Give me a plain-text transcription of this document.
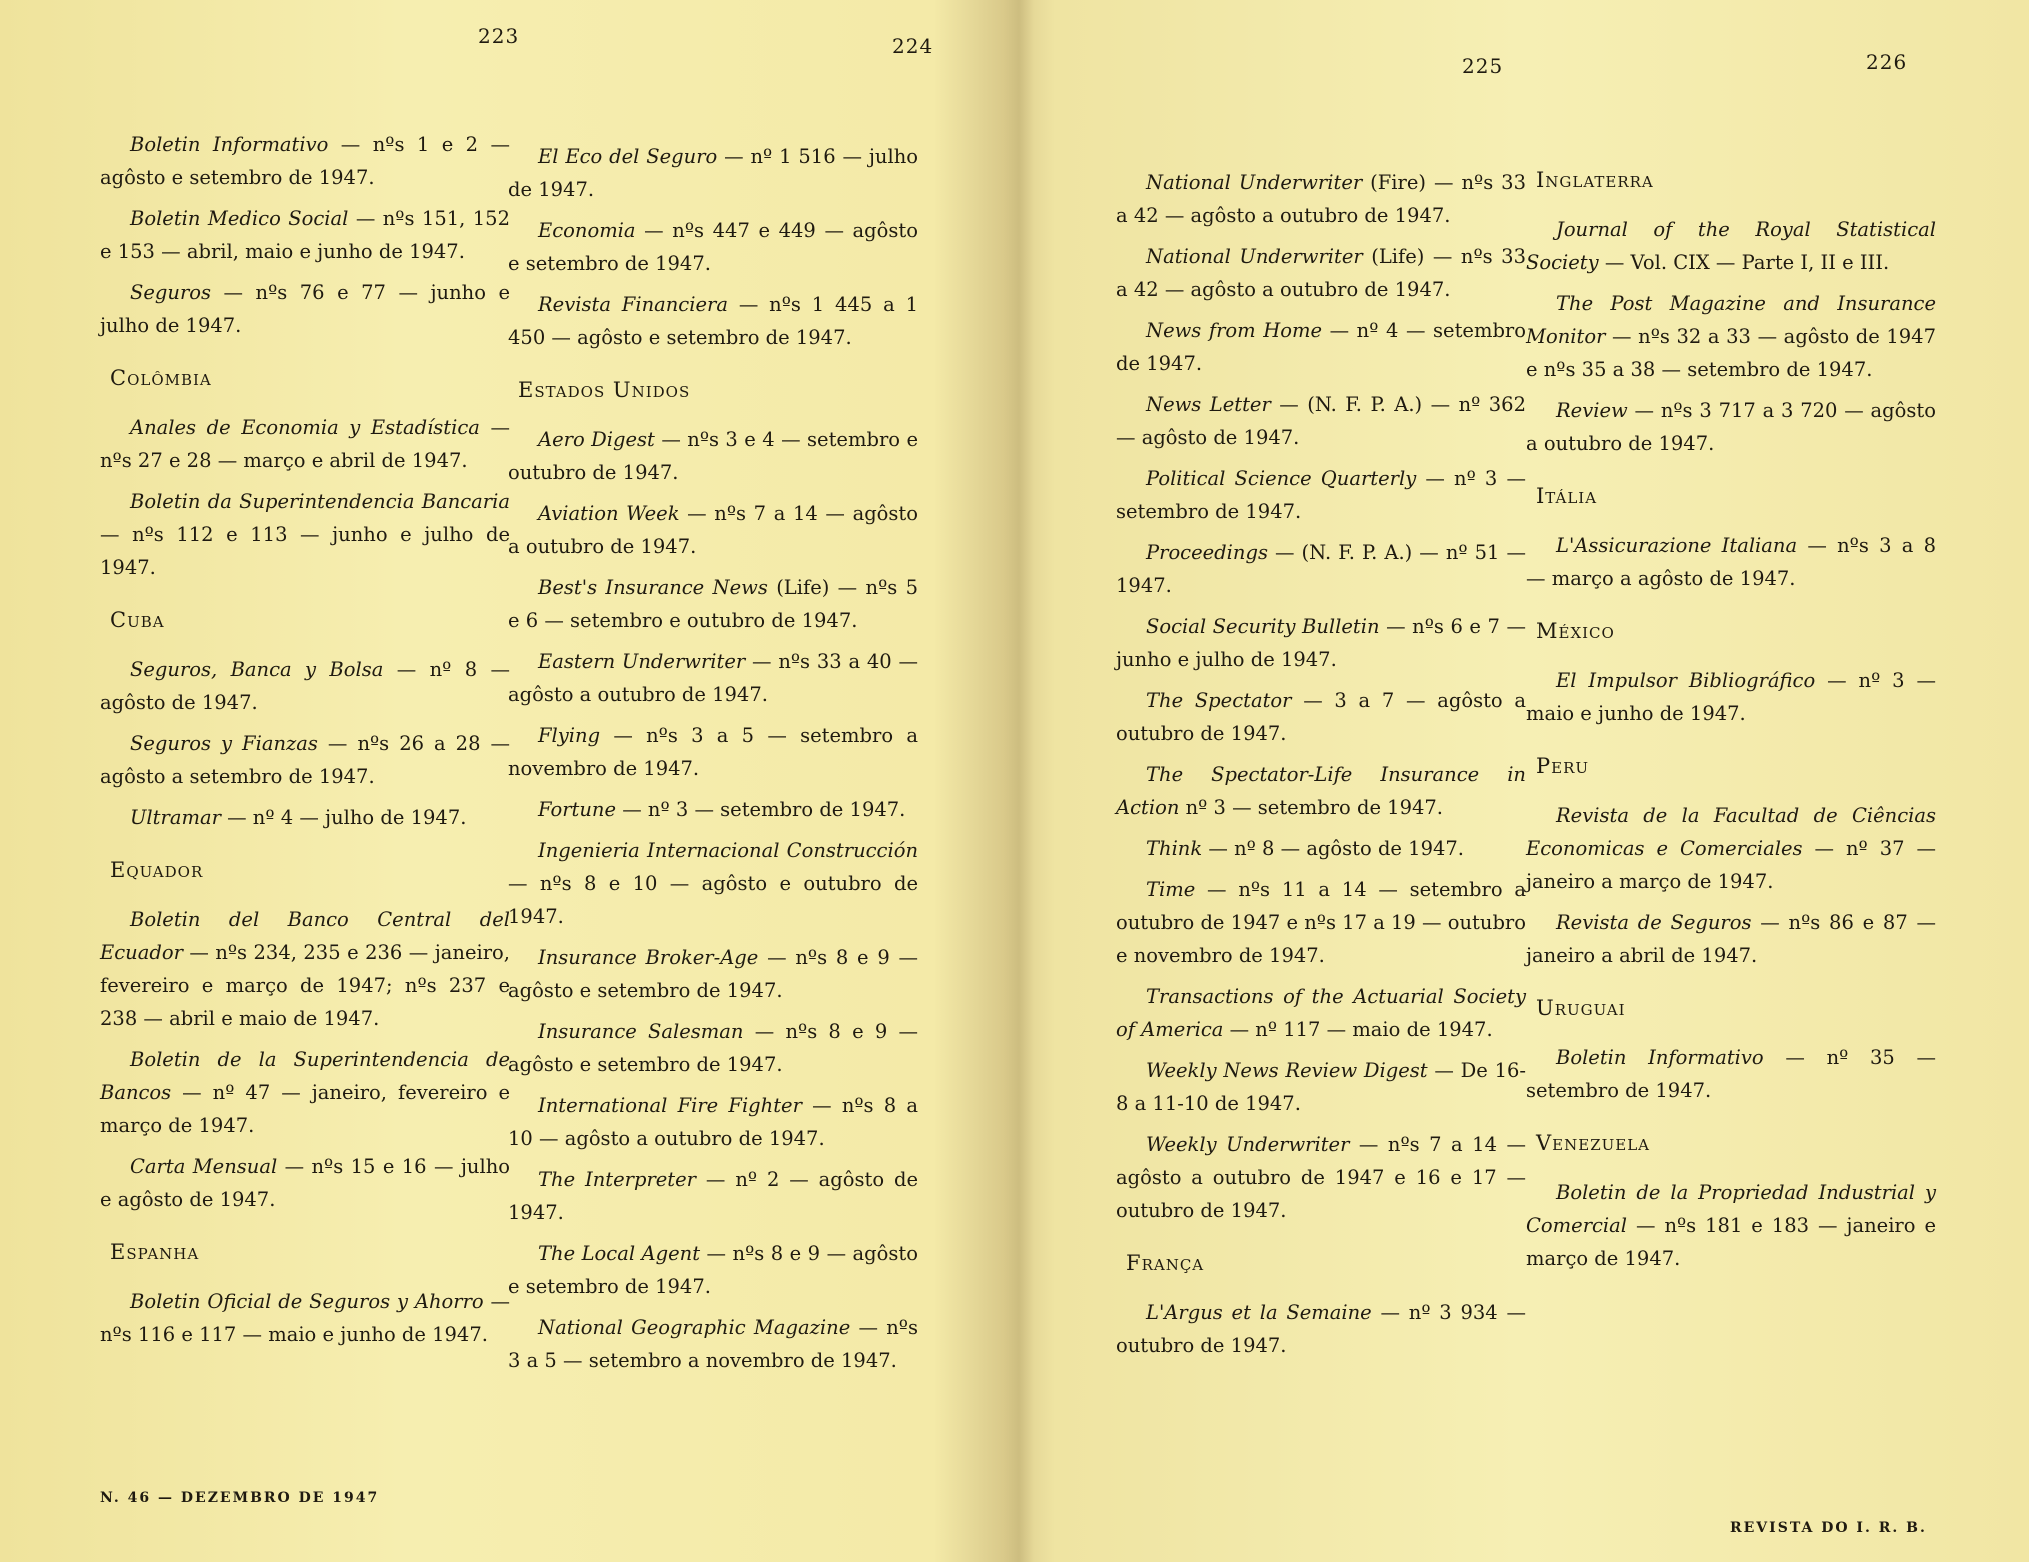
223	224
225	226

Boletin Informativo — nºs 1 e 2 — agôsto e setembro de 1947.

Boletin Medico Social — nºs 151, 152 e 153 — abril, maio e junho de 1947.

Seguros — nºs 76 e 77 — junho e julho de 1947.

Colômbia

Anales de Economia y Estadística — nºs 27 e 28 — março e abril de 1947.

Boletin da Superintendencia Bancaria — nºs 112 e 113 — junho e julho de 1947.

Cuba

Seguros, Banca y Bolsa — nº 8 — agôsto de 1947.

Seguros y Fianzas — nºs 26 a 28 — agôsto a setembro de 1947.

Ultramar — nº 4 — julho de 1947.

Equador

Boletin del Banco Central del Ecuador — nºs 234, 235 e 236 — janeiro, fevereiro e março de 1947; nºs 237 e 238 — abril e maio de 1947.

Boletin de la Superintendencia de Bancos — nº 47 — janeiro, fevereiro e março de 1947.

Carta Mensual — nºs 15 e 16 — julho e agôsto de 1947.

Espanha

Boletin Oficial de Seguros y Ahorro — nºs 116 e 117 — maio e junho de 1947.

El Eco del Seguro — nº 1 516 — julho de 1947.

Economia — nºs 447 e 449 — agôsto e setembro de 1947.

Revista Financiera — nºs 1 445 a 1 450 — agôsto e setembro de 1947.

Estados Unidos

Aero Digest — nºs 3 e 4 — setembro e outubro de 1947.

Aviation Week — nºs 7 a 14 — agôsto a outubro de 1947.

Best's Insurance News (Life) — nºs 5 e 6 — setembro e outubro de 1947.

Eastern Underwriter — nºs 33 a 40 — agôsto a outubro de 1947.

Flying — nºs 3 a 5 — setembro a novembro de 1947.

Fortune — nº 3 — setembro de 1947.

Ingenieria Internacional Construcción — nºs 8 e 10 — agôsto e outubro de 1947.

Insurance Broker-Age — nºs 8 e 9 — agôsto e setembro de 1947.

Insurance Salesman — nºs 8 e 9 — agôsto e setembro de 1947.

International Fire Fighter — nºs 8 a 10 — agôsto a outubro de 1947.

The Interpreter — nº 2 — agôsto de 1947.

The Local Agent — nºs 8 e 9 — agôsto e setembro de 1947.

National Geographic Magazine — nºs 3 a 5 — setembro a novembro de 1947.

National Underwriter (Fire) — nºs 33 a 42 — agôsto a outubro de 1947.

National Underwriter (Life) — nºs 33 a 42 — agôsto a outubro de 1947.

News from Home — nº 4 — setembro de 1947.

News Letter — (N. F. P. A.) — nº 362 — agôsto de 1947.

Political Science Quarterly — nº 3 — setembro de 1947.

Proceedings — (N. F. P. A.) — nº 51 — 1947.

Social Security Bulletin — nºs 6 e 7 — junho e julho de 1947.

The Spectator — 3 a 7 — agôsto a outubro de 1947.

The Spectator-Life Insurance in Action nº 3 — setembro de 1947.

Think — nº 8 — agôsto de 1947.

Time — nºs 11 a 14 — setembro a outubro de 1947 e nºs 17 a 19 — outubro e novembro de 1947.

Transactions of the Actuarial Society of America — nº 117 — maio de 1947.

Weekly News Review Digest — De 16-8 a 11-10 de 1947.

Weekly Underwriter — nºs 7 a 14 — agôsto a outubro de 1947 e 16 e 17 — outubro de 1947.

França

L'Argus et la Semaine — nº 3 934 — outubro de 1947.

Inglaterra

Journal of the Royal Statistical Society — Vol. CIX — Parte I, II e III.

The Post Magazine and Insurance Monitor — nºs 32 a 33 — agôsto de 1947 e nºs 35 a 38 — setembro de 1947.

Review — nºs 3 717 a 3 720 — agôsto a outubro de 1947.

Itália

L'Assicurazione Italiana — nºs 3 a 8 — março a agôsto de 1947.

México

El Impulsor Bibliográfico — nº 3 — maio e junho de 1947.

Peru

Revista de la Facultad de Ciências Economicas e Comerciales — nº 37 — janeiro a março de 1947.

Revista de Seguros — nºs 86 e 87 — janeiro a abril de 1947.

Uruguai

Boletin Informativo — nº 35 — setembro de 1947.

Venezuela

Boletin de la Propriedad Industrial y Comercial — nºs 181 e 183 — janeiro e março de 1947.

N. 46 — DEZEMBRO DE 1947
REVISTA DO I. R. B.
